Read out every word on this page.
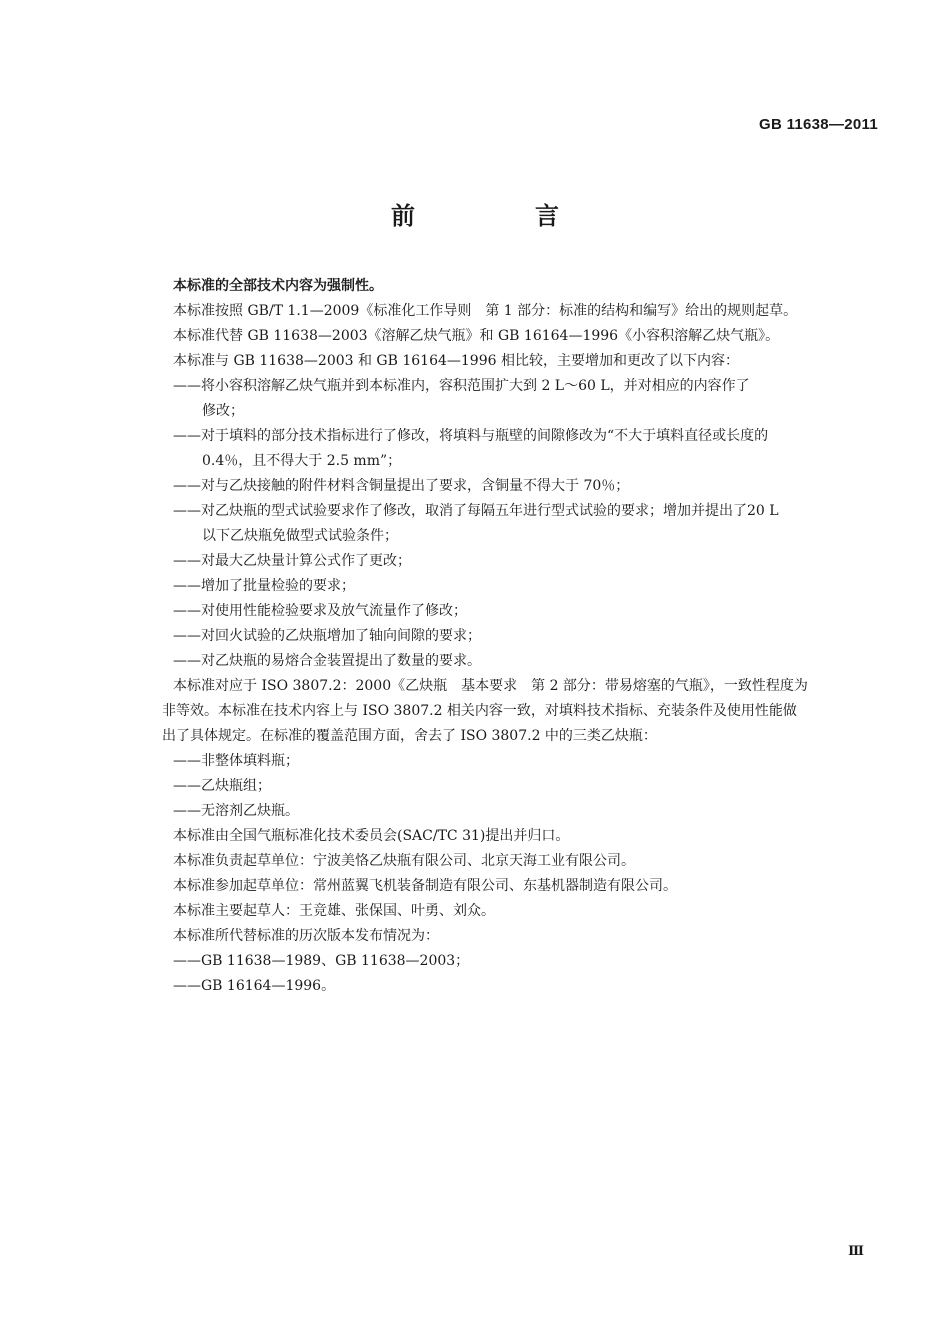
GB 11638—2011
前　言

本标准的全部技术内容为强制性。

本标准按照 GB/T 1.1—2009《标准化工作导则　第 1 部分：标准的结构和编写》给出的规则起草。

本标准代替 GB 11638—2003《溶解乙炔气瓶》和 GB 16164—1996《小容积溶解乙炔气瓶》。

本标准与 GB 11638—2003 和 GB 16164—1996 相比较，主要增加和更改了以下内容：

——将小容积溶解乙炔气瓶并到本标准内，容积范围扩大到 2 L～60 L，并对相应的内容作了
修改；

——对于填料的部分技术指标进行了修改，将填料与瓶壁的间隙修改为“不大于填料直径或长度的
0.4％，且不得大于 2.5 mm”；

——对与乙炔接触的附件材料含铜量提出了要求，含铜量不得大于 70％；

——对乙炔瓶的型式试验要求作了修改，取消了每隔五年进行型式试验的要求；增加并提出了20 L
以下乙炔瓶免做型式试验条件；

——对最大乙炔量计算公式作了更改；

——增加了批量检验的要求；

——对使用性能检验要求及放气流量作了修改；

——对回火试验的乙炔瓶增加了轴向间隙的要求；

——对乙炔瓶的易熔合金装置提出了数量的要求。

本标准对应于 ISO 3807.2：2000《乙炔瓶　基本要求　第 2 部分：带易熔塞的气瓶》，一致性程度为
非等效。本标准在技术内容上与 ISO 3807.2 相关内容一致，对填料技术指标、充装条件及使用性能做
出了具体规定。在标准的覆盖范围方面，舍去了 ISO 3807.2 中的三类乙炔瓶：

——非整体填料瓶；

——乙炔瓶组；

——无溶剂乙炔瓶。

本标准由全国气瓶标准化技术委员会(SAC/TC 31)提出并归口。

本标准负责起草单位：宁波美恪乙炔瓶有限公司、北京天海工业有限公司。

本标准参加起草单位：常州蓝翼飞机装备制造有限公司、东基机器制造有限公司。

本标准主要起草人：王竞雄、张保国、叶勇、刘众。

本标准所代替标准的历次版本发布情况为：

——GB 11638—1989、GB 11638—2003；

——GB 16164—1996。

Ⅲ
